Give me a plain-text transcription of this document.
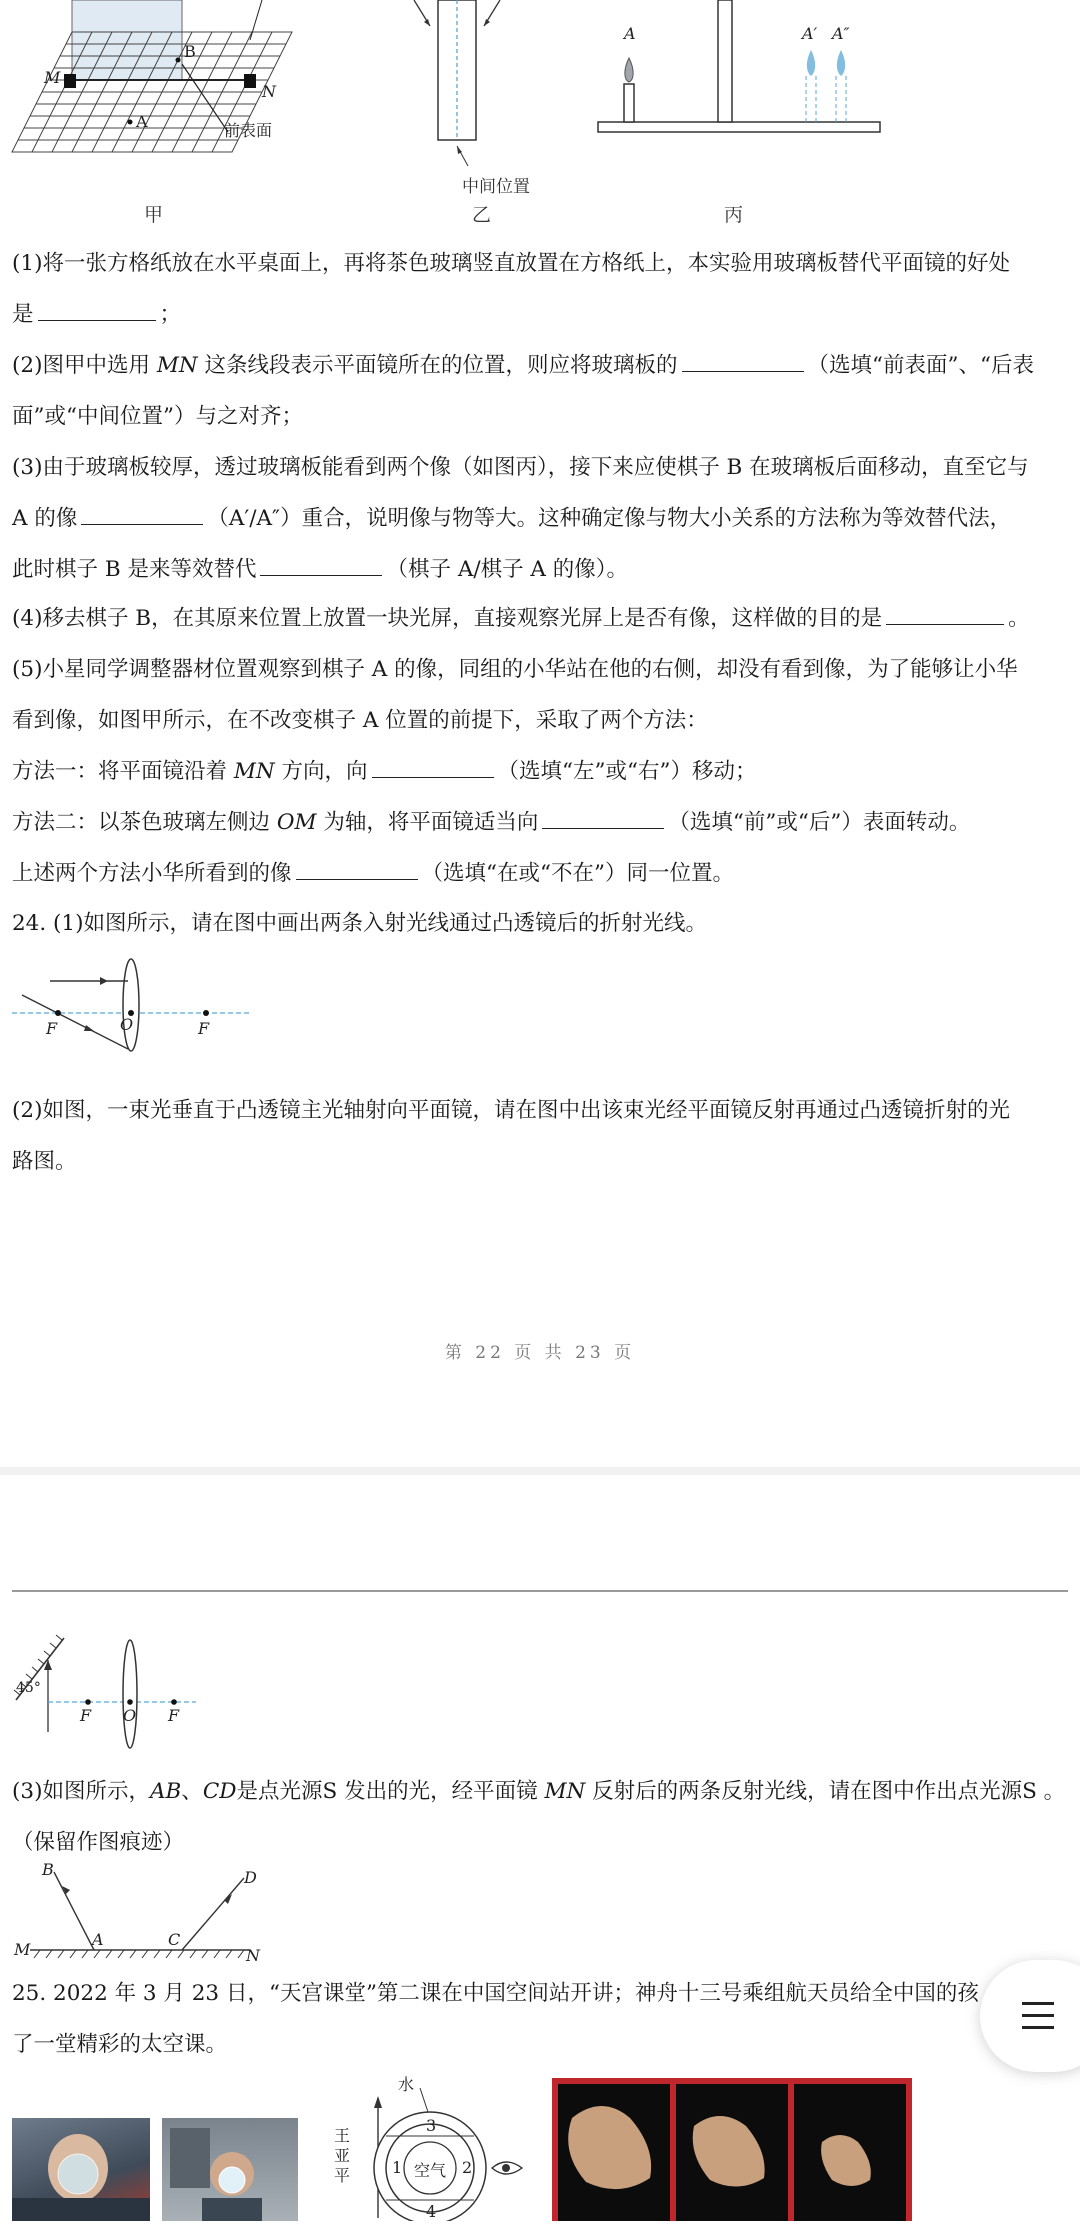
M
B
N
A	前表面
甲
中间位置
乙
A	A′ A″
丙
(1)将一张方格纸放在水平桌面上，再将茶色玻璃竖直放置在方格纸上，本实验用玻璃板替代平面镜的好处
是	；
(2)图甲中选用 MN 这条线段表示平面镜所在的位置，则应将玻璃板的	（选填“前表面”、“后表
面”或“中间位置”）与之对齐；
(3)由于玻璃板较厚，透过玻璃板能看到两个像（如图丙），接下来应使棋子 B 在玻璃板后面移动，直至它与
A 的像	（A′/A″）重合，说明像与物等大。这种确定像与物大小关系的方法称为等效替代法，
此时棋子 B 是来等效替代	（棋子 A/棋子 A 的像）。
(4)移去棋子 B，在其原来位置上放置一块光屏，直接观察光屏上是否有像，这样做的目的是	。
(5)小星同学调整器材位置观察到棋子 A 的像，同组的小华站在他的右侧，却没有看到像，为了能够让小华
看到像，如图甲所示，在不改变棋子 A 位置的前提下，采取了两个方法：
方法一：将平面镜沿着 MN 方向，向	（选填“左”或“右”）移动；
方法二：以茶色玻璃左侧边 OM 为轴，将平面镜适当向	（选填“前”或“后”）表面转动。
上述两个方法小华所看到的像	（选填“在或“不在”）同一位置。
24. (1)如图所示，请在图中画出两条入射光线通过凸透镜后的折射光线。
F	O	F
(2)如图，一束光垂直于凸透镜主光轴射向平面镜，请在图中出该束光经平面镜反射再通过凸透镜折射的光
路图。
第 22 页 共 23 页
45°
F O F
(3)如图所示，AB、CD是点光源S 发出的光，经平面镜 MN 反射后的两条反射光线，请在图中作出点光源S 。
（保留作图痕迹）
B	D
A	C
M	N
25. 2022 年 3 月 23 日，“天宫课堂”第二课在中国空间站开讲；神舟十三号乘组航天员给全中国的孩
了一堂精彩的太空课。
水
空气
王亚平	1	2
3
4
